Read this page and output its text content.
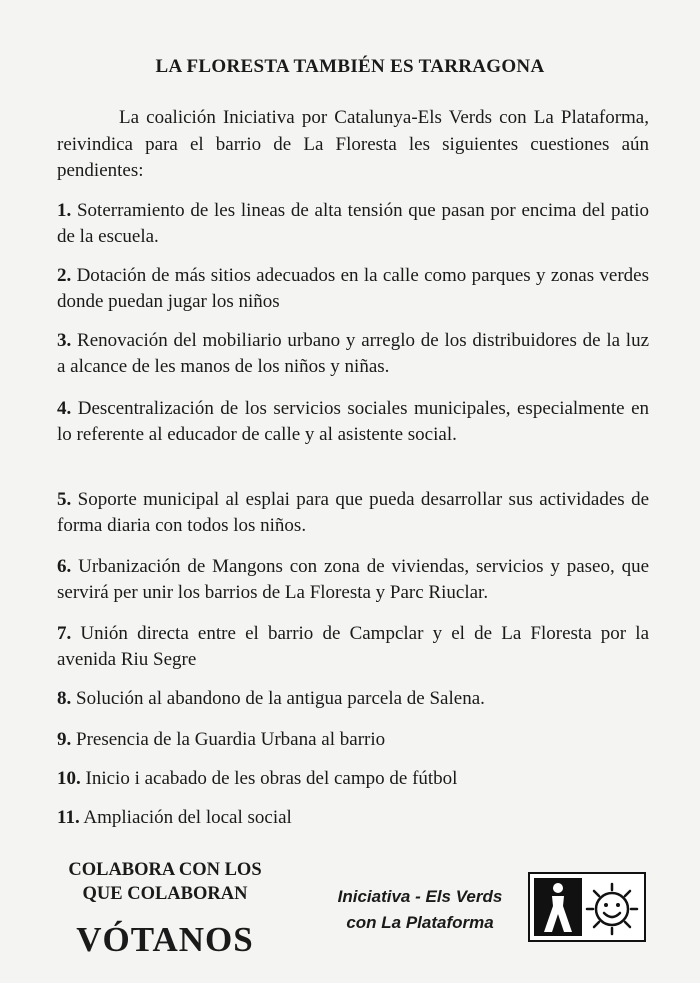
LA FLORESTA TAMBIÉN ES TARRAGONA
La coalición Iniciativa por Catalunya-Els Verds con La Plataforma, reivindica para el barrio de La Floresta les siguientes cuestiones aún pendientes:
1. Soterramiento de les lineas de alta tensión que pasan por encima del patio de la escuela.
2. Dotación de más sitios adecuados en la calle como parques y zonas verdes donde puedan jugar los niños
3. Renovación del mobiliario urbano y arreglo de los distribuidores de la luz a alcance de les manos de los niños y niñas.
4. Descentralización de los servicios sociales municipales, especialmente en lo referente al educador de calle y al asistente social.
5. Soporte municipal al esplai para que pueda desarrollar sus actividades de forma diaria con todos los niños.
6. Urbanización de Mangons con zona de viviendas, servicios y paseo, que servirá per unir los barrios de La Floresta y Parc Riuclar.
7. Unión directa entre el barrio de Campclar y el de La Floresta por la avenida Riu Segre
8. Solución al abandono de la antigua parcela de Salena.
9. Presencia de la Guardia Urbana al barrio
10. Inicio i acabado de les obras del campo de fútbol
11. Ampliación del local social
COLABORA CON LOS
QUE COLABORAN
VÓTANOS
Iniciativa - Els Verds
con La Plataforma
